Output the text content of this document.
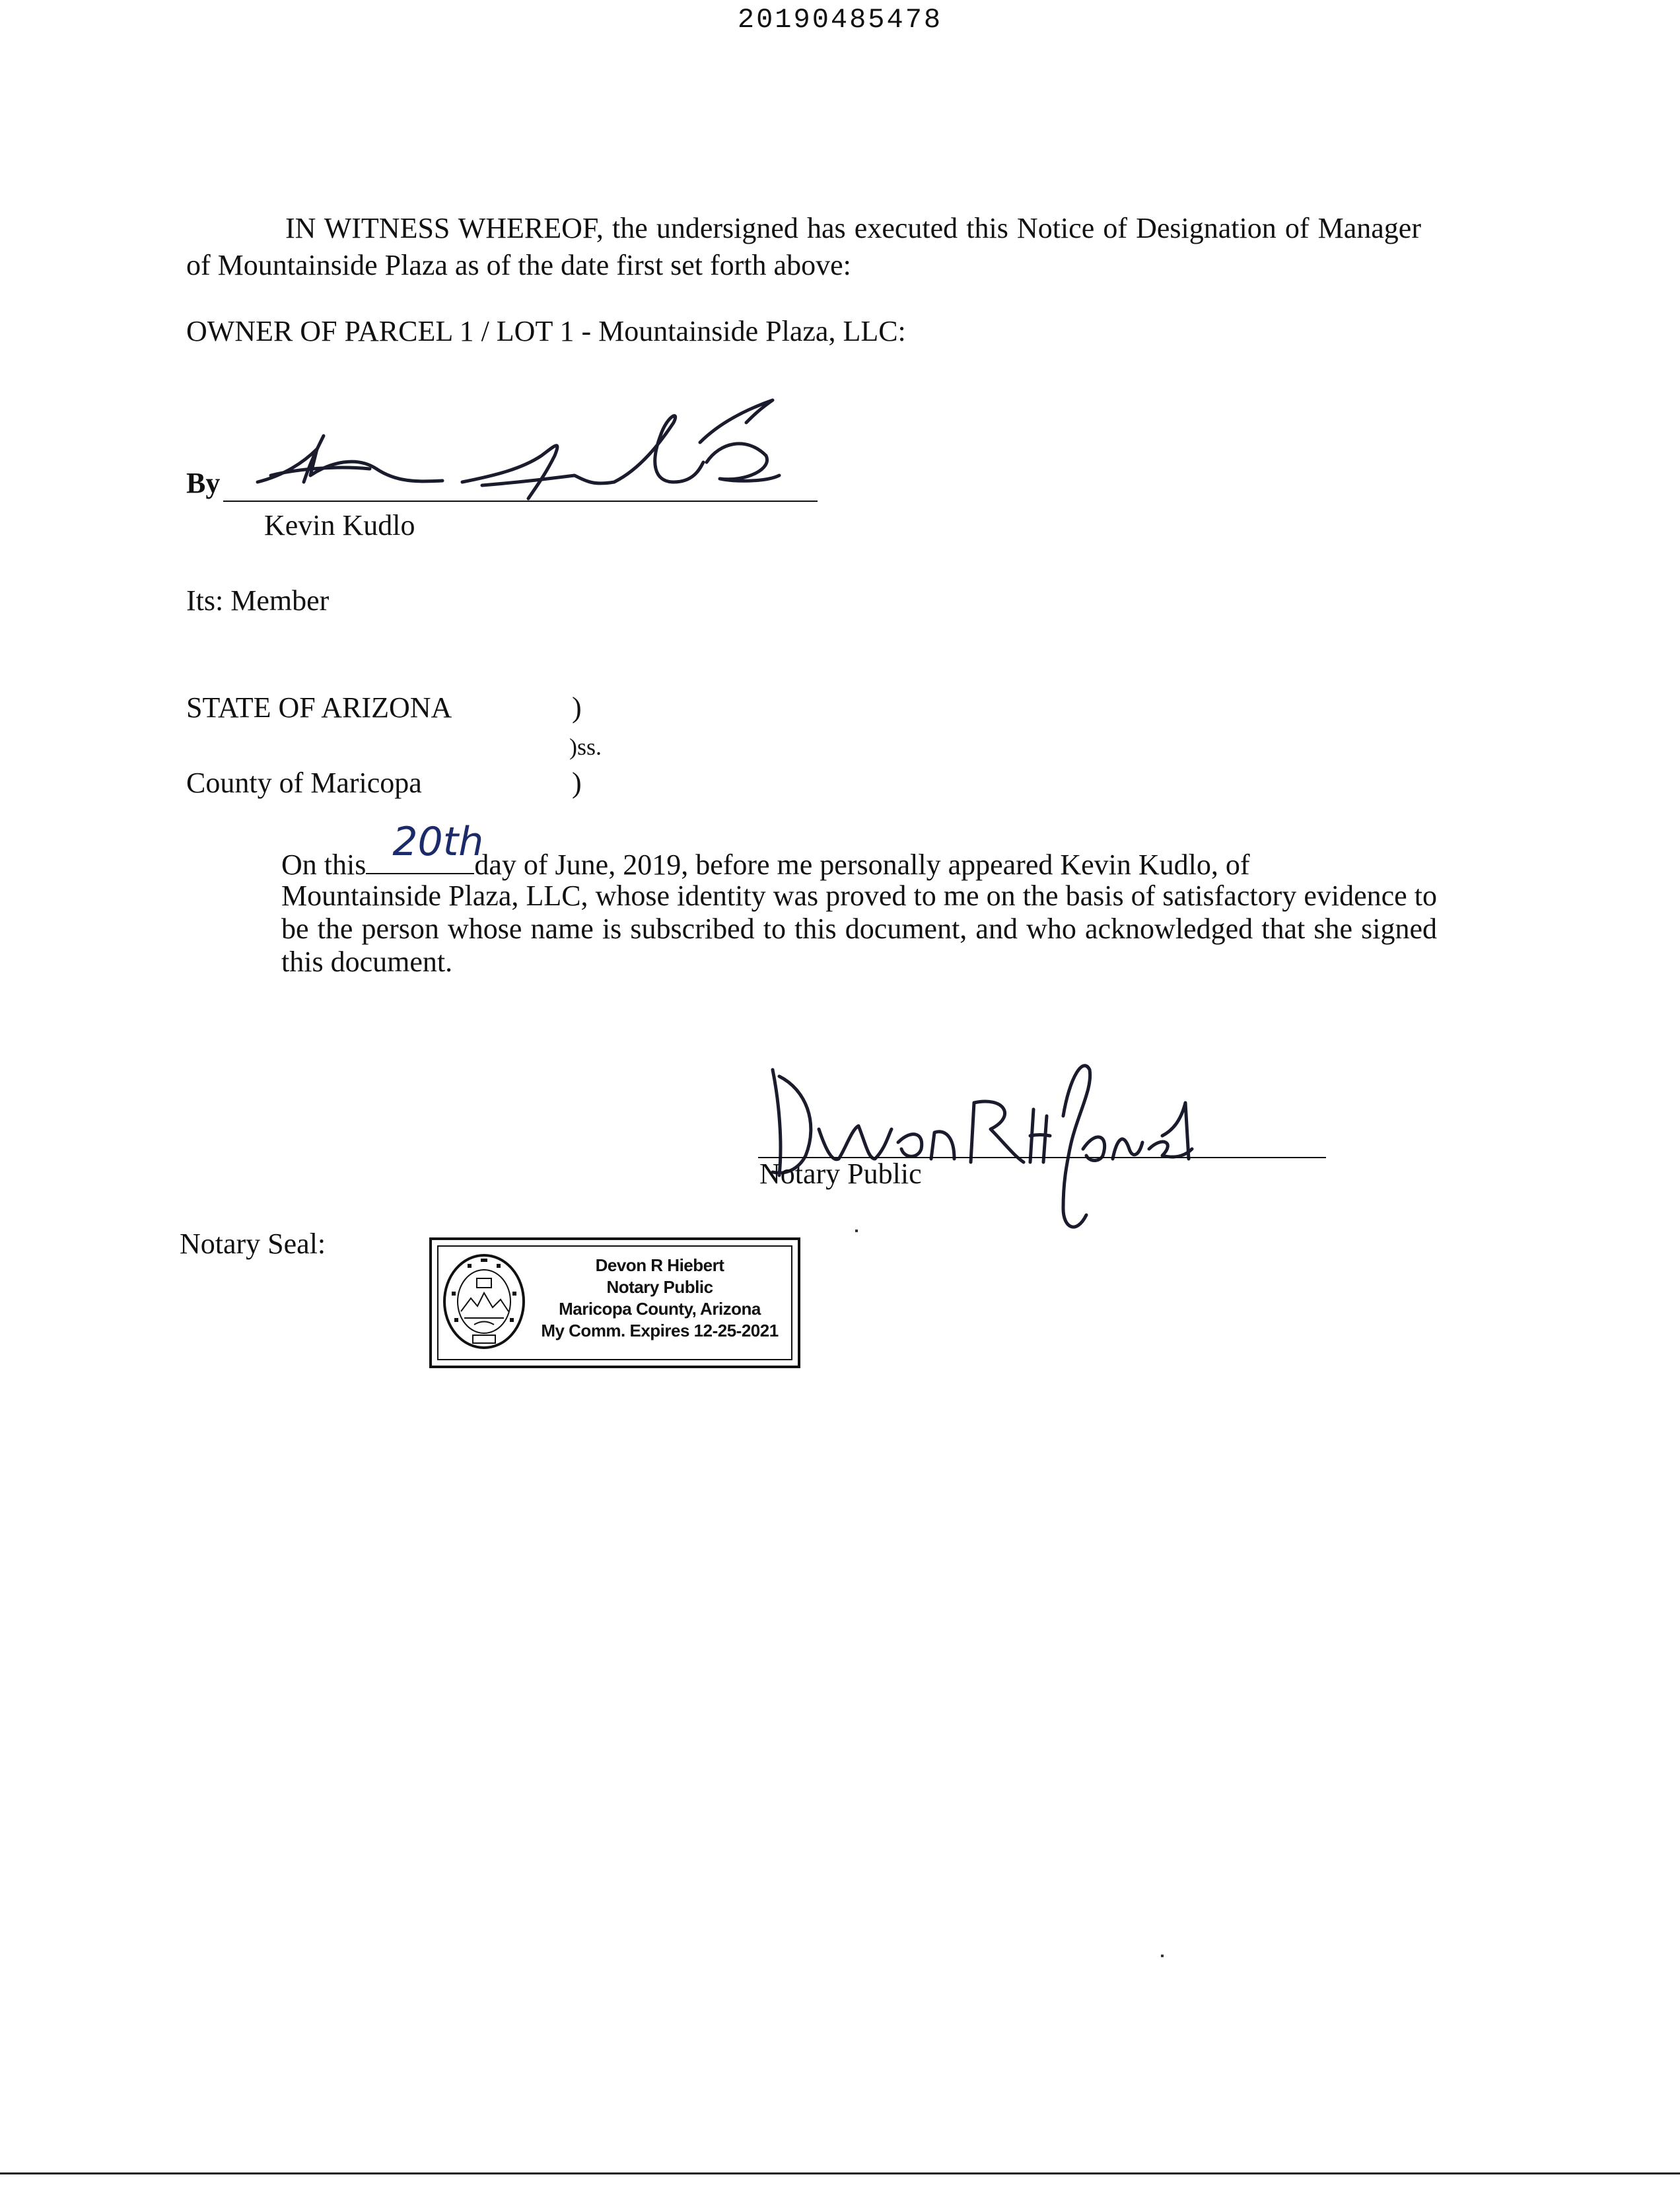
20190485478
IN WITNESS WHEREOF, the undersigned has executed this Notice of Designation of Manager of Mountainside Plaza as of the date first set forth above:
OWNER OF PARCEL 1 / LOT 1 - Mountainside Plaza, LLC:
By
Kevin Kudlo
Its: Member
STATE OF ARIZONA	)
)ss.
County of Maricopa	)
On this 20th
day of June, 2019, before me personally appeared Kevin Kudlo, of
Mountainside Plaza, LLC, whose identity was proved to me on the basis of satisfactory evidence to be the person whose name is subscribed to this document, and who acknowledged that she signed this document.
Notary Public
Notary Seal:
Devon R Hiebert
Notary Public
Maricopa County, Arizona
My Comm. Expires 12-25-2021
